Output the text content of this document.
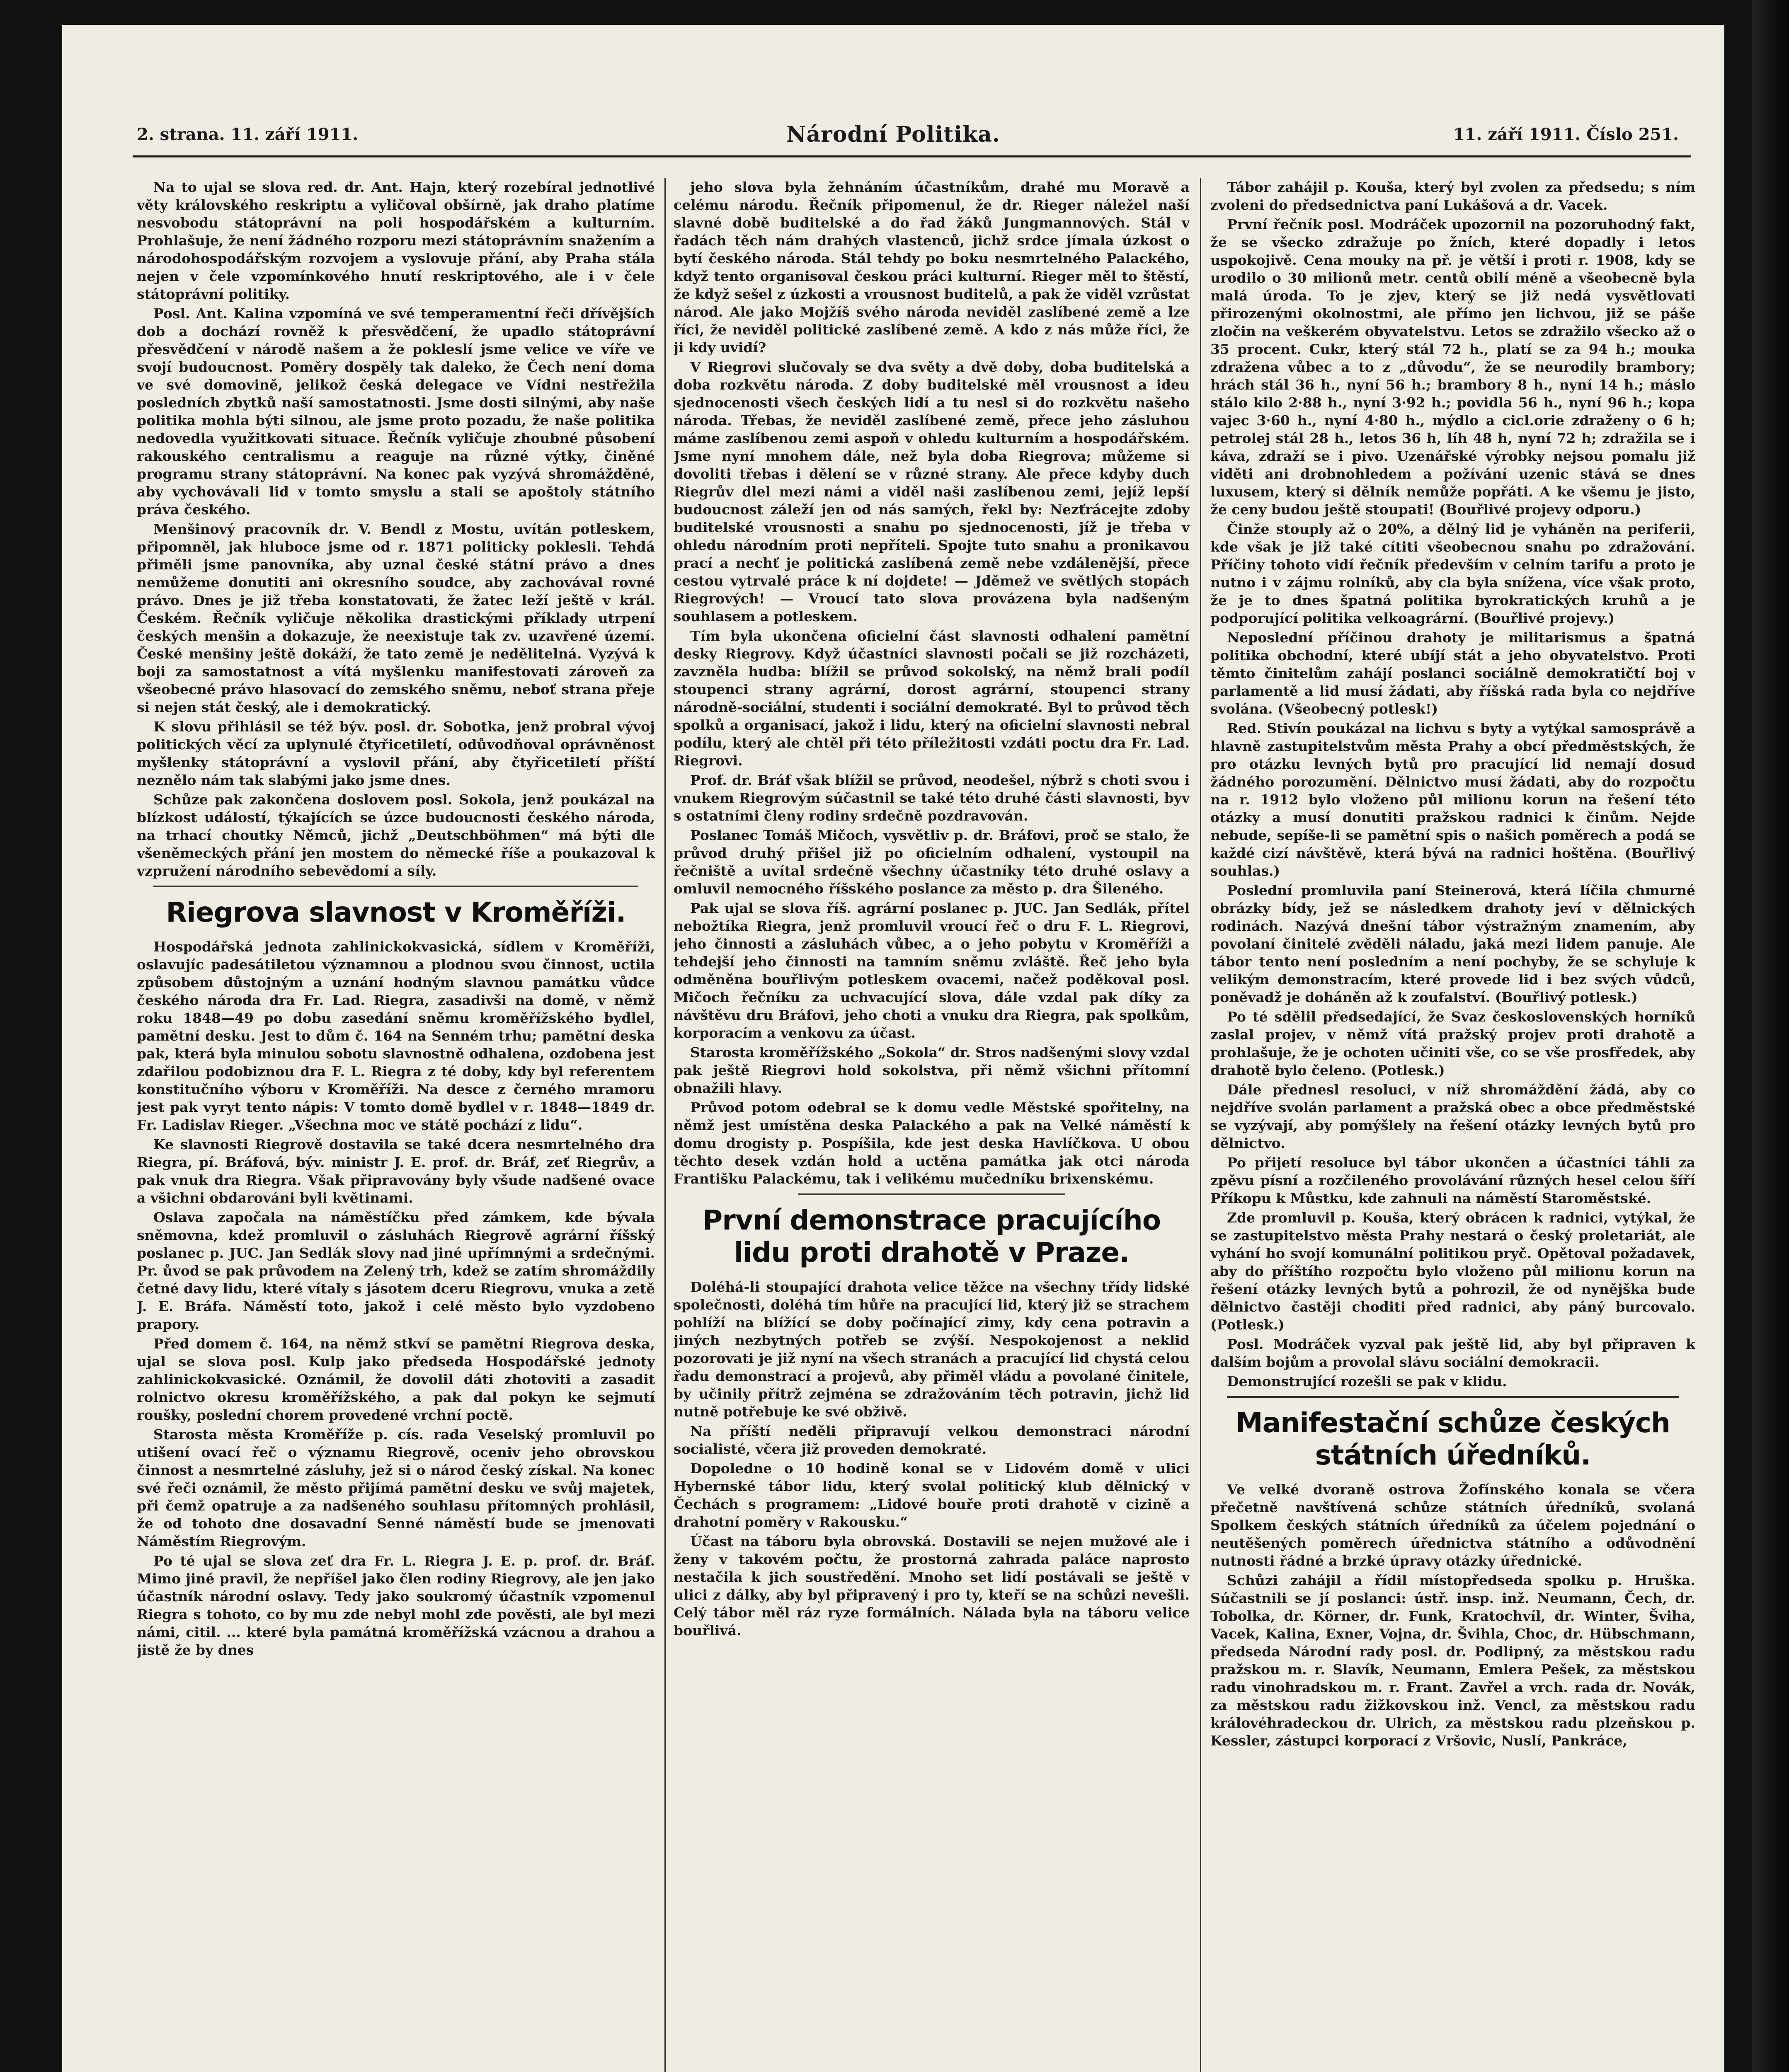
2. strana. 11. září 1911.	Národní Politika.	11. září 1911. Číslo 251.

Na to ujal se slova red. dr. Ant. Hajn, který rozebíral jednotlivé věty královského reskriptu a vyličoval obšírně, jak draho platíme nesvobodu státoprávní na poli hospodářském a kulturním. Prohlašuje, že není žádného rozporu mezi státoprávním snažením a národohospodářským rozvojem a vyslovuje přání, aby Praha stála nejen v čele vzpomínkového hnutí reskriptového, ale i v čele státoprávní politiky.

Posl. Ant. Kalina vzpomíná ve své temperamentní řeči dřívějších dob a dochází rovněž k přesvědčení, že upadlo státoprávní přesvědčení v národě našem a že pokleslí jsme velice ve víře ve svojí budoucnost. Poměry dospěly tak daleko, že Čech není doma ve své domovině, jelikož česká delegace ve Vídni nestřežila posledních zbytků naší samostatnosti. Jsme dosti silnými, aby naše politika mohla býti silnou, ale jsme proto pozadu, že naše politika nedovedla využitkovati situace. Řečník vyličuje zhoubné působení rakouského centralismu a reaguje na různé výtky, činěné programu strany státoprávní. Na konec pak vyzývá shromážděné, aby vychovávali lid v tomto smyslu a stali se apoštoly státního práva českého.

Menšinový pracovník dr. V. Bendl z Mostu, uvítán potleskem, připomněl, jak hluboce jsme od r. 1871 politicky poklesli. Tehdá přiměli jsme panovníka, aby uznal české státní právo a dnes nemůžeme donutiti ani okresního soudce, aby zachovával rovné právo. Dnes je již třeba konstatovati, že žatec leží ještě v král. Českém. Řečník vyličuje několika drastickými příklady utrpení českých menšin a dokazuje, že neexistuje tak zv. uzavřené území. České menšiny ještě dokáží, že tato země je nedělitelná. Vyzývá k boji za samostatnost a vítá myšlenku manifestovati zároveň za všeobecné právo hlasovací do zemského sněmu, neboť strana přeje si nejen stát český, ale i demokratický.

K slovu přihlásil se též býv. posl. dr. Sobotka, jenž probral vývoj politických věcí za uplynulé čtyřicetiletí, odůvodňoval oprávněnost myšlenky státoprávní a vyslovil přání, aby čtyřicetiletí příští neznělo nám tak slabými jako jsme dnes.

Schůze pak zakončena doslovem posl. Sokola, jenž poukázal na blízkost událostí, týkajících se úzce budoucnosti českého národa, na trhací choutky Němců, jichž „Deutschböhmen“ má býti dle všeněmeckých přání jen mostem do německé říše a poukazoval k vzpružení národního sebevědomí a síly.

Riegrova slavnost v Kroměříži.

Hospodářská jednota zahlinickokvasická, sídlem v Kroměříži, oslavujíc padesátiletou významnou a plodnou svou činnost, uctila způsobem důstojným a uznání hodným slavnou památku vůdce českého národa dra Fr. Lad. Riegra, zasadivši na domě, v němž roku 1848—49 po dobu zasedání sněmu kroměřížského bydlel, pamětní desku. Jest to dům č. 164 na Senném trhu; pamětní deska pak, která byla minulou sobotu slavnostně odhalena, ozdobena jest zdařilou podobiznou dra F. L. Riegra z té doby, kdy byl referentem konstitučního výboru v Kroměříži. Na desce z černého mramoru jest pak vyryt tento nápis: V tomto domě bydlel v r. 1848—1849 dr. Fr. Ladislav Rieger. „Všechna moc ve státě pochází z lidu“.

Ke slavnosti Riegrově dostavila se také dcera nesmrtelného dra Riegra, pí. Bráfová, býv. ministr J. E. prof. dr. Bráf, zeť Riegrův, a pak vnuk dra Riegra. Však připravovány byly všude nadšené ovace a všichni obdarováni byli květinami.

Oslava započala na náměstíčku před zámkem, kde bývala sněmovna, kdež promluvil o zásluhách Riegrově agrární říšský poslanec p. JUC. Jan Sedlák slovy nad jiné upřímnými a srdečnými. Pr. ůvod se pak průvodem na Zelený trh, kdež se zatím shromáždily četné davy lidu, které vítaly s jásotem dceru Riegrovu, vnuka a zetě J. E. Bráfa. Náměstí toto, jakož i celé město bylo vyzdobeno prapory.

Před domem č. 164, na němž stkví se pamětní Riegrova deska, ujal se slova posl. Kulp jako předseda Hospodářské jednoty zahlinickokvasické. Oznámil, že dovolil dáti zhotoviti a zasadit rolnictvo okresu kroměřížského, a pak dal pokyn ke sejmutí roušky, poslední chorem provedené vrchní poctě.

Starosta města Kroměříže p. cís. rada Veselský promluvil po utišení ovací řeč o významu Riegrově, oceniv jeho obrovskou činnost a nesmrtelné zásluhy, jež si o národ český získal. Na konec své řeči oznámil, že město přijímá pamětní desku ve svůj majetek, při čemž opatruje a za nadšeného souhlasu přítomných prohlásil, že od tohoto dne dosavadní Senné náměstí bude se jmenovati Náměstím Riegrovým.

Po té ujal se slova zeť dra Fr. L. Riegra J. E. p. prof. dr. Bráf. Mimo jiné pravil, že nepříšel jako člen rodiny Riegrovy, ale jen jako účastník národní oslavy. Tedy jako soukromý účastník vzpomenul Riegra s tohoto, co by mu zde nebyl mohl zde pověsti, ale byl mezi námi, citil. ... které byla památná kroměřížská vzácnou a drahou a jistě že by dnes

jeho slova byla žehnáním účastníkům, drahé mu Moravě a celému národu. Řečník připomenul, že dr. Rieger náležel naší slavné době buditelské a do řad žáků Jungmannových. Stál v řadách těch nám drahých vlastenců, jichž srdce jímala úzkost o bytí českého národa. Stál tehdy po boku nesmrtelného Palackého, když tento organisoval českou práci kulturní. Rieger měl to štěstí, že když sešel z úzkosti a vrousnost buditelů, a pak že viděl vzrůstat národ. Ale jako Mojžíš svého národa neviděl zaslíbené země a lze říci, že neviděl politické zaslíbené země. A kdo z nás může říci, že ji kdy uvidí?

V Riegrovi slučovaly se dva světy a dvě doby, doba buditelská a doba rozkvětu národa. Z doby buditelské měl vrousnost a ideu sjednocenosti všech českých lidí a tu nesl si do rozkvětu našeho národa. Třebas, že neviděl zaslíbené země, přece jeho zásluhou máme zaslíbenou zemi aspoň v ohledu kulturním a hospodářském. Jsme nyní mnohem dále, než byla doba Riegrova; můžeme si dovoliti třebas i dělení se v různé strany. Ale přece kdyby duch Riegrův dlel mezi námi a viděl naši zaslíbenou zemi, jejíž lepší budoucnost záleží jen od nás samých, řekl by: Nezťrácejte zdoby buditelské vrousnosti a snahu po sjednocenosti, jíž je třeba v ohledu národním proti nepříteli. Spojte tuto snahu a pronikavou prací a nechť je politická zaslíbená země nebe vzdálenější, přece cestou vytrvalé práce k ní dojdete! — Jděmež ve světlých stopách Riegrových! — Vroucí tato slova provázena byla nadšeným souhlasem a potleskem.

Tím byla ukončena oficielní část slavnosti odhalení pamětní desky Riegrovy. Když účastníci slavnosti počali se již rozcházeti, zavzněla hudba: blížil se průvod sokolský, na němž brali podíl stoupenci strany agrární, dorost agrární, stoupenci strany národně-sociální, studenti i sociální demokraté. Byl to průvod těch spolků a organisací, jakož i lidu, který na oficielní slavnosti nebral podílu, který ale chtěl při této příležitosti vzdáti poctu dra Fr. Lad. Riegrovi.

Prof. dr. Bráf však blížil se průvod, neodešel, nýbrž s choti svou i vnukem Riegrovým súčastnil se také této druhé části slavnosti, byv s ostatními členy rodiny srdečně pozdravován.

Poslanec Tomáš Mičoch, vysvětliv p. dr. Bráfovi, proč se stalo, že průvod druhý přišel již po oficielním odhalení, vystoupil na řečniště a uvítal srdečně všechny účastníky této druhé oslavy a omluvil nemocného říšského poslance za město p. dra Šileného.

Pak ujal se slova říš. agrární poslanec p. JUC. Jan Sedlák, přítel nebožtíka Riegra, jenž promluvil vroucí řeč o dru F. L. Riegrovi, jeho činnosti a zásluhách vůbec, a o jeho pobytu v Kroměříži a tehdejší jeho činnosti na tamním sněmu zvláště. Řeč jeho byla odměněna bouřlivým potleskem ovacemi, načež poděkoval posl. Mičoch řečníku za uchvacující slova, dále vzdal pak díky za návštěvu dru Bráfovi, jeho choti a vnuku dra Riegra, pak spolkům, korporacím a venkovu za účast.

Starosta kroměřížského „Sokola“ dr. Stros nadšenými slovy vzdal pak ještě Riegrovi hold sokolstva, při němž všichni přítomní obnažili hlavy.

Průvod potom odebral se k domu vedle Městské spořitelny, na němž jest umístěna deska Palackého a pak na Velké náměstí k domu drogisty p. Pospíšila, kde jest deska Havlíčkova. U obou těchto desek vzdán hold a uctěna památka jak otci národa Františku Palackému, tak i velikému mučedníku brixenskému.

První demonstrace pracujícího lidu proti drahotě v Praze.

Doléhá-li stoupající drahota velice těžce na všechny třídy lidské společnosti, doléhá tím hůře na pracující lid, který již se strachem pohlíží na blížící se doby počínající zimy, kdy cena potravin a jiných nezbytných potřeb se zvýší. Nespokojenost a neklid pozorovati je již nyní na všech stranách a pracující lid chystá celou řadu demonstrací a projevů, aby přiměl vládu a povolané činitele, by učinily přítrž zejména se zdražováním těch potravin, jichž lid nutně potřebuje ke své obživě.

Na příští neděli připravují velkou demonstraci národní socialisté, včera již proveden demokraté.

Dopoledne o 10 hodině konal se v Lidovém domě v ulici Hybernské tábor lidu, který svolal politický klub dělnický v Čechách s programem: „Lidové bouře proti drahotě v cizině a drahotní poměry v Rakousku.“

Účast na táboru byla obrovská. Dostavili se nejen mužové ale i ženy v takovém počtu, že prostorná zahrada paláce naprosto nestačila k jich soustředění. Mnoho set lidí postávali se ještě v ulici z dálky, aby byl připravený i pro ty, kteří se na schůzi nevešli. Celý tábor měl ráz ryze formálních. Nálada byla na táboru velice bouřlivá.

Tábor zahájil p. Kouša, který byl zvolen za předsedu; s ním zvoleni do předsednictva paní Lukášová a dr. Vacek.

První řečník posl. Modráček upozornil na pozoruhodný fakt, že se všecko zdražuje po žních, které dopadly i letos uspokojivě. Cena mouky na př. je větší i proti r. 1908, kdy se urodilo o 30 milionů metr. centů obilí méně a všeobecně byla malá úroda. To je zjev, který se již nedá vysvětlovati přirozenými okolnostmi, ale přímo jen lichvou, již se páše zločin na veškerém obyvatelstvu. Letos se zdražilo všecko až o 35 procent. Cukr, který stál 72 h., platí se za 94 h.; mouka zdražena vůbec a to z „důvodu“, že se neurodily brambory; hrách stál 36 h., nyní 56 h.; brambory 8 h., nyní 14 h.; máslo stálo kilo 2·88 h., nyní 3·92 h.; povidla 56 h., nyní 96 h.; kopa vajec 3·60 h., nyní 4·80 h., mýdlo a cicl.orie zdraženy o 6 h; petrolej stál 28 h., letos 36 h, líh 48 h, nyní 72 h; zdražila se i káva, zdraží se i pivo. Uzenářské výrobky nejsou pomalu již viděti ani drobnohledem a požívání uzenic stává se dnes luxusem, který si dělník nemůže popřáti. A ke všemu je jisto, že ceny budou ještě stoupati! (Bouřlivé projevy odporu.)

Činže stouply až o 20%, a dělný lid je vyháněn na periferii, kde však je již také cítiti všeobecnou snahu po zdražování. Příčiny tohoto vidí řečník především v celním tarifu a proto je nutno i v zájmu rolníků, aby cla byla snížena, více však proto, že je to dnes špatná politika byrokratických kruhů a je podporující politika velkoagrární. (Bouřlivé projevy.)

Neposlední příčinou drahoty je militarismus a špatná politika obchodní, které ubíjí stát a jeho obyvatelstvo. Proti těmto činitelům zahájí poslanci sociálně demokratičtí boj v parlamentě a lid musí žádati, aby říšská rada byla co nejdříve svolána. (Všeobecný potlesk!)

Red. Stivín poukázal na lichvu s byty a vytýkal samosprávě a hlavně zastupitelstvům města Prahy a obcí předměstských, že pro otázku levných bytů pro pracující lid nemají dosud žádného porozumění. Dělnictvo musí žádati, aby do rozpočtu na r. 1912 bylo vloženo půl milionu korun na řešení této otázky a musí donutiti pražskou radnici k činům. Nejde nebude, sepíše-li se pamětní spis o našich poměrech a podá se každé cizí návštěvě, která bývá na radnici hoštěna. (Bouřlivý souhlas.)

Poslední promluvila paní Steinerová, která líčila chmurné obrázky bídy, jež se následkem drahoty jeví v dělnických rodinách. Nazývá dnešní tábor výstražným znamením, aby povolaní činitelé zvěděli náladu, jaká mezi lidem panuje. Ale tábor tento není posledním a není pochyby, že se schyluje k velikým demonstracím, které provede lid i bez svých vůdců, poněvadž je doháněn až k zoufalství. (Bouřlivý potlesk.)

Po té sdělil předsedající, že Svaz československých horníků zaslal projev, v němž vítá pražský projev proti drahotě a prohlašuje, že je ochoten učiniti vše, co se vše prosfředek, aby drahotě bylo čeleno. (Potlesk.)

Dále přednesl resoluci, v níž shromáždění žádá, aby co nejdříve svolán parlament a pražská obec a obce předměstské se vyzývají, aby pomýšlely na řešení otázky levných bytů pro dělnictvo.

Po přijetí resoluce byl tábor ukončen a účastníci táhli za zpěvu písní a rozčileného provolávání různých hesel celou šíří Příkopu k Můstku, kde zahnuli na náměstí Staroměstské.

Zde promluvil p. Kouša, který obrácen k radnici, vytýkal, že se zastupitelstvo města Prahy nestará o český proletariát, ale vyhání ho svojí komunální politikou pryč. Opětoval požadavek, aby do příštího rozpočtu bylo vloženo půl milionu korun na řešení otázky levných bytů a pohrozil, že od nynějška bude dělnictvo častěji choditi před radnici, aby páný burcovalo. (Potlesk.)

Posl. Modráček vyzval pak ještě lid, aby byl připraven k dalším bojům a provolal slávu sociální demokracii.

Demonstrující rozešli se pak v klidu.

Manifestační schůze českých státních úředníků.

Ve velké dvoraně ostrova Žofínského konala se včera přečetně navštívená schůze státních úředníků, svolaná Spolkem českých státních úředníků za účelem pojednání o neutěšených poměrech úřednictva státního a odůvodnění nutnosti řádné a brzké úpravy otázky úřednické.

Schůzi zahájil a řídil místopředseda spolku p. Hruška. Súčastnili se jí poslanci: ústř. insp. inž. Neumann, Čech, dr. Tobolka, dr. Körner, dr. Funk, Kratochvíl, dr. Winter, Šviha, Vacek, Kalina, Exner, Vojna, dr. Švihla, Choc, dr. Hübschmann, předseda Národní rady posl. dr. Podlipný, za městskou radu pražskou m. r. Slavík, Neumann, Emlera Pešek, za městskou radu vinohradskou m. r. Frant. Zavřel a vrch. rada dr. Novák, za městskou radu žižkovskou inž. Vencl, za městskou radu královéhradeckou dr. Ulrich, za městskou radu plzeňskou p. Kessler, zástupci korporací z Vršovic, Nuslí, Pankráce,
